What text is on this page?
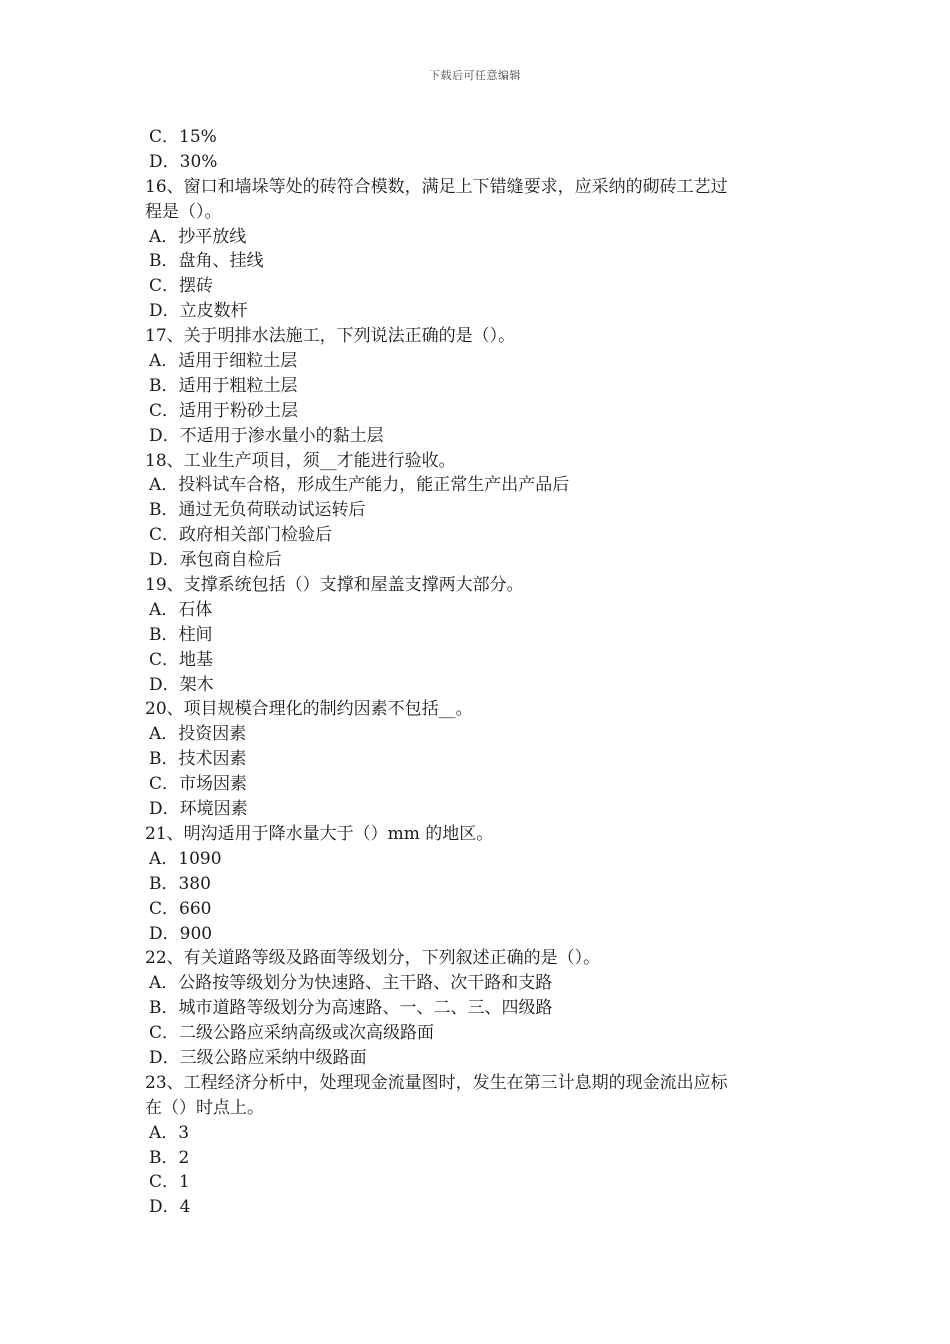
下载后可任意编辑
C．15%
D．30%
16、窗口和墙垛等处的砖符合模数，满足上下错缝要求，应采纳的砌砖工艺过
程是（）。
A．抄平放线
B．盘角、挂线
C．摆砖
D．立皮数杆
17、关于明排水法施工，下列说法正确的是（）。
A．适用于细粒土层
B．适用于粗粒土层
C．适用于粉砂土层
D．不适用于渗水量小的黏土层
18、工业生产项目，须__才能进行验收。
A．投料试车合格，形成生产能力，能正常生产出产品后
B．通过无负荷联动试运转后
C．政府相关部门检验后
D．承包商自检后
19、支撑系统包括（）支撑和屋盖支撑两大部分。
A．石体
B．柱间
C．地基
D．架木
20、项目规模合理化的制约因素不包括__。
A．投资因素
B．技术因素
C．市场因素
D．环境因素
21、明沟适用于降水量大于（）mm 的地区。
A．1090
B．380
C．660
D．900
22、有关道路等级及路面等级划分，下列叙述正确的是（）。
A．公路按等级划分为快速路、主干路、次干路和支路
B．城市道路等级划分为高速路、一、二、三、四级路
C．二级公路应采纳高级或次高级路面
D．三级公路应采纳中级路面
23、工程经济分析中，处理现金流量图时，发生在第三计息期的现金流出应标
在（）时点上。
A．3
B．2
C．1
D．4
